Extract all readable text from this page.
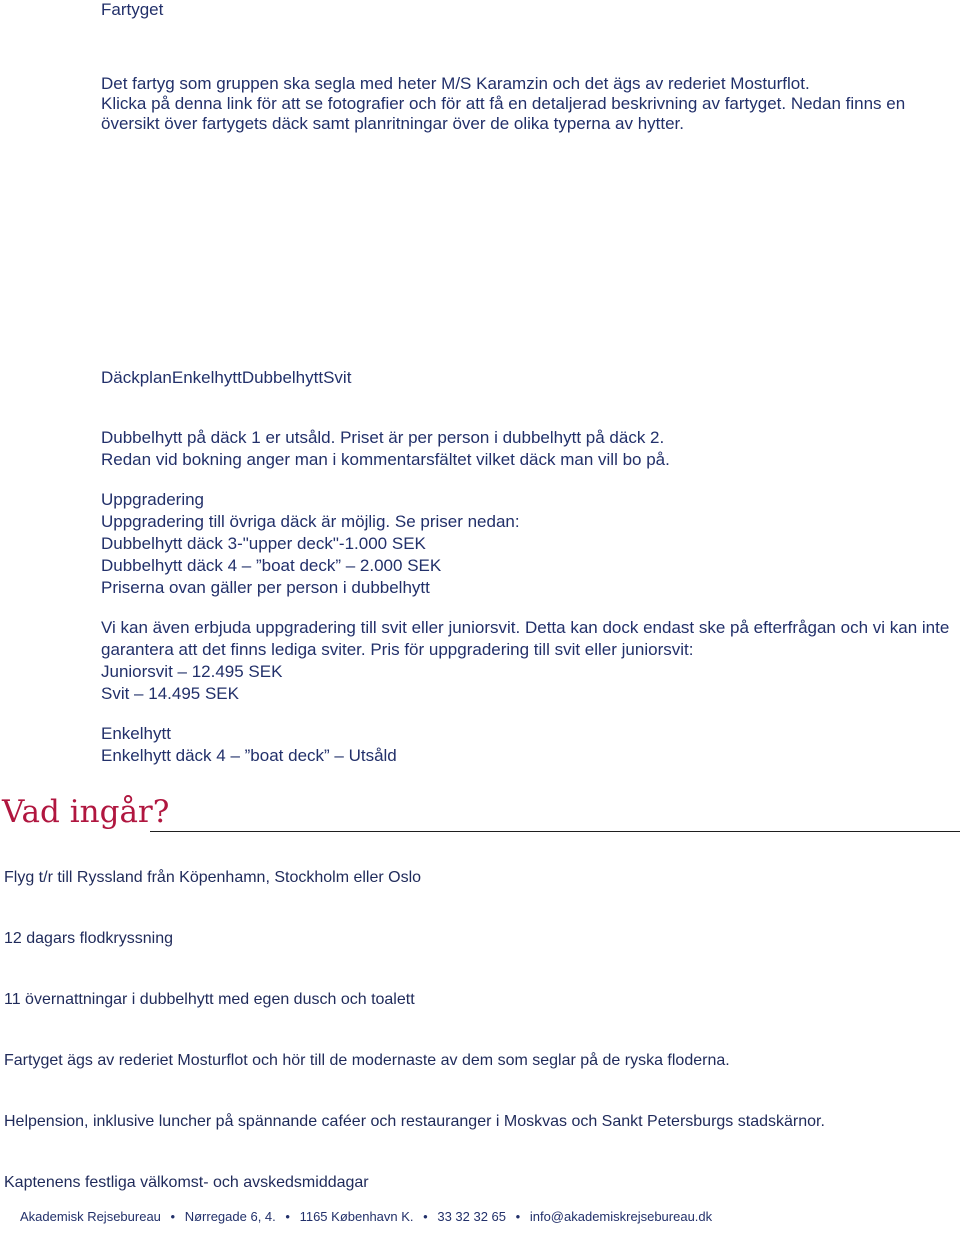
Fartyget

Det fartyg som gruppen ska segla med heter M/S Karamzin och det ägs av rederiet Mosturflot.

Klicka på denna link för att se fotografier och för att få en detaljerad beskrivning av fartyget. Nedan finns en översikt över fartygets däck samt planritningar över de olika typerna av hytter.

DäckplanEnkelhyttDubbelhyttSvit

Dubbelhytt på däck 1 er utsåld. Priset är per person i dubbelhytt på däck 2.

Redan vid bokning anger man i kommentarsfältet vilket däck man vill bo på.

Uppgradering

Uppgradering till övriga däck är möjlig. Se priser nedan:

Dubbelhytt däck 3-"upper deck"-1.000 SEK

Dubbelhytt däck 4 – ”boat deck” – 2.000 SEK

Priserna ovan gäller per person i dubbelhytt

Vi kan även erbjuda uppgradering till svit eller juniorsvit. Detta kan dock endast ske på efterfrågan och vi kan inte garantera att det finns lediga sviter. Pris för uppgradering till svit eller juniorsvit:

Juniorsvit – 12.495 SEK

Svit – 14.495 SEK

Enkelhytt

Enkelhytt däck 4 – ”boat deck” – Utsåld

Vad ingår?

Flyg t/r till Ryssland från Köpenhamn, Stockholm eller Oslo

12 dagars flodkryssning

11 övernattningar i dubbelhytt med egen dusch och toalett

Fartyget ägs av rederiet Mosturflot och hör till de modernaste av dem som seglar på de ryska floderna.

Helpension, inklusive luncher på spännande caféer och restauranger i Moskvas och Sankt Petersburgs stadskärnor.

Kaptenens festliga välkomst- och avskedsmiddagar

Akademisk Rejsebureau • Nørregade 6, 4. • 1165 København K. • 33 32 32 65 • info@akademiskrejsebureau.dk
